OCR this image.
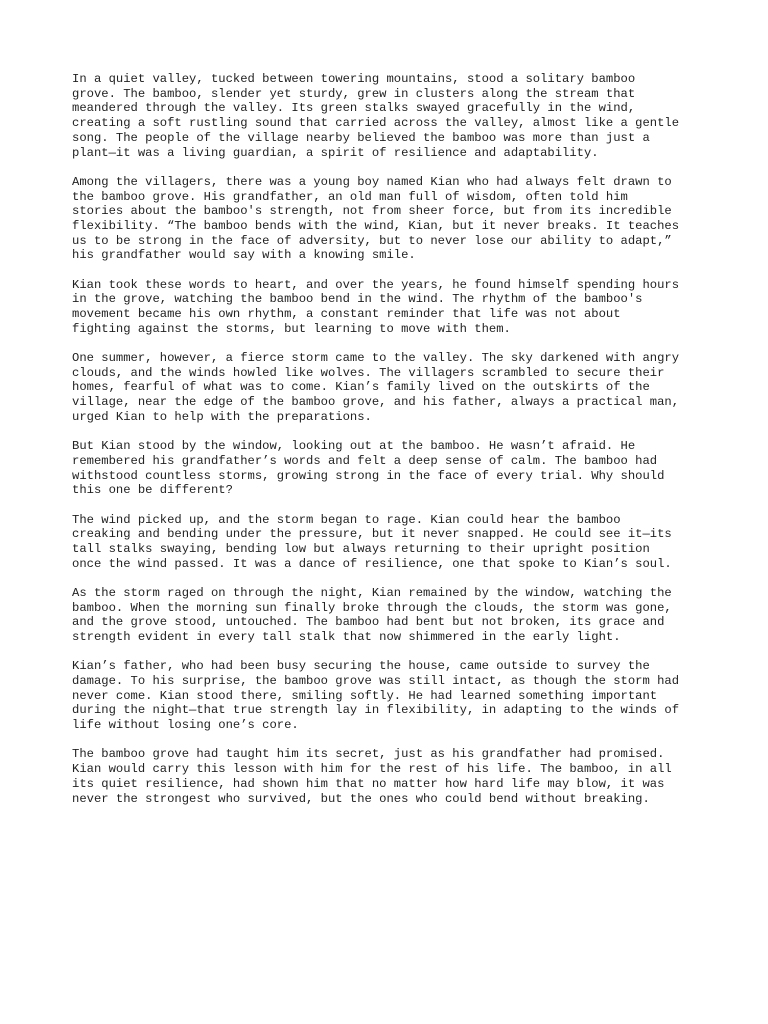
In a quiet valley, tucked between towering mountains, stood a solitary bamboo
grove. The bamboo, slender yet sturdy, grew in clusters along the stream that
meandered through the valley. Its green stalks swayed gracefully in the wind,
creating a soft rustling sound that carried across the valley, almost like a gentle
song. The people of the village nearby believed the bamboo was more than just a
plant—it was a living guardian, a spirit of resilience and adaptability.

Among the villagers, there was a young boy named Kian who had always felt drawn to
the bamboo grove. His grandfather, an old man full of wisdom, often told him
stories about the bamboo's strength, not from sheer force, but from its incredible
flexibility. “The bamboo bends with the wind, Kian, but it never breaks. It teaches
us to be strong in the face of adversity, but to never lose our ability to adapt,”
his grandfather would say with a knowing smile.

Kian took these words to heart, and over the years, he found himself spending hours
in the grove, watching the bamboo bend in the wind. The rhythm of the bamboo's
movement became his own rhythm, a constant reminder that life was not about
fighting against the storms, but learning to move with them.

One summer, however, a fierce storm came to the valley. The sky darkened with angry
clouds, and the winds howled like wolves. The villagers scrambled to secure their
homes, fearful of what was to come. Kian’s family lived on the outskirts of the
village, near the edge of the bamboo grove, and his father, always a practical man,
urged Kian to help with the preparations.

But Kian stood by the window, looking out at the bamboo. He wasn’t afraid. He
remembered his grandfather’s words and felt a deep sense of calm. The bamboo had
withstood countless storms, growing strong in the face of every trial. Why should
this one be different?

The wind picked up, and the storm began to rage. Kian could hear the bamboo
creaking and bending under the pressure, but it never snapped. He could see it—its
tall stalks swaying, bending low but always returning to their upright position
once the wind passed. It was a dance of resilience, one that spoke to Kian’s soul.

As the storm raged on through the night, Kian remained by the window, watching the
bamboo. When the morning sun finally broke through the clouds, the storm was gone,
and the grove stood, untouched. The bamboo had bent but not broken, its grace and
strength evident in every tall stalk that now shimmered in the early light.

Kian’s father, who had been busy securing the house, came outside to survey the
damage. To his surprise, the bamboo grove was still intact, as though the storm had
never come. Kian stood there, smiling softly. He had learned something important
during the night—that true strength lay in flexibility, in adapting to the winds of
life without losing one’s core.

The bamboo grove had taught him its secret, just as his grandfather had promised.
Kian would carry this lesson with him for the rest of his life. The bamboo, in all
its quiet resilience, had shown him that no matter how hard life may blow, it was
never the strongest who survived, but the ones who could bend without breaking.
